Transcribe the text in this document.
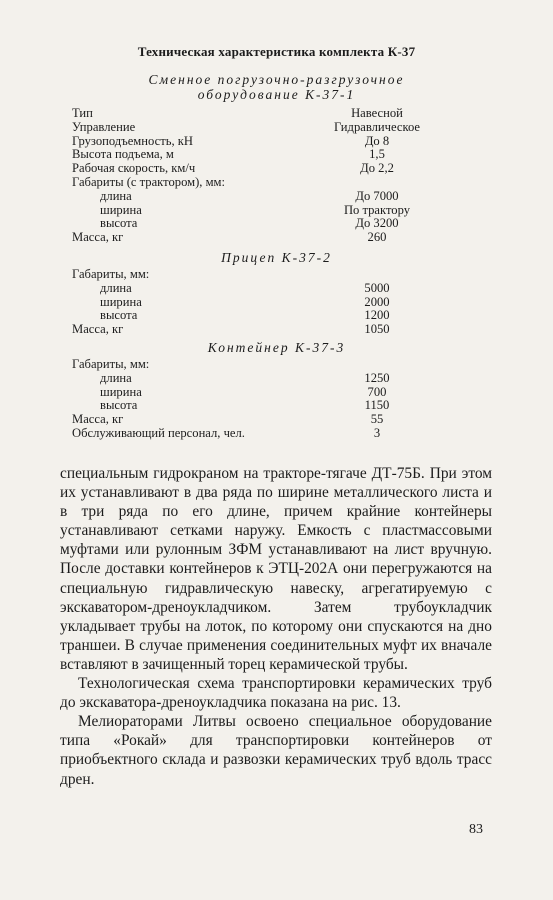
Техническая характеристика комплекта К-37
Сменное погрузочно-разгрузочное
оборудование К-37-1
Тип	Навесной
Управление	Гидравлическое
Грузоподъемность, кН	До 8
Высота подъема, м	1,5
Рабочая скорость, км/ч	До 2,2
Габариты (с трактором), мм:
длина	До 7000
ширина	По трактору
высота	До 3200
Масса, кг	260
Прицеп К-37-2
Габариты, мм:
длина	5000
ширина	2000
высота	1200
Масса, кг	1050
Контейнер К-37-3
Габариты, мм:
длина	1250
ширина	700
высота	1150
Масса, кг	55
Обслуживающий персонал, чел.	3

специальным гидрокраном на тракторе-тягаче ДТ-75Б. При этом их устанавливают в два ряда по ширине металлического листа и в три ряда по его длине, причем крайние контейнеры устанавливают сетками наружу. Емкость с пластмассовыми муфтами или рулонным ЗФМ устанавливают на лист вручную. После доставки контейнеров к ЭТЦ-202А они перегружаются на специальную гидравлическую навеску, агрегатируемую с экскаватором-дреноукладчиком. Затем трубоукладчик укладывает трубы на лоток, по которому они спускаются на дно траншеи. В случае применения соединительных муфт их вначале вставляют в зачищенный торец керамической трубы.

Технологическая схема транспортировки керамических труб до экскаватора-дреноукладчика показана на рис. 13.

Мелиораторами Литвы освоено специальное оборудование типа «Рокай» для транспортировки контейнеров от приобъектного склада и развозки керамических труб вдоль трасс дрен.

83
